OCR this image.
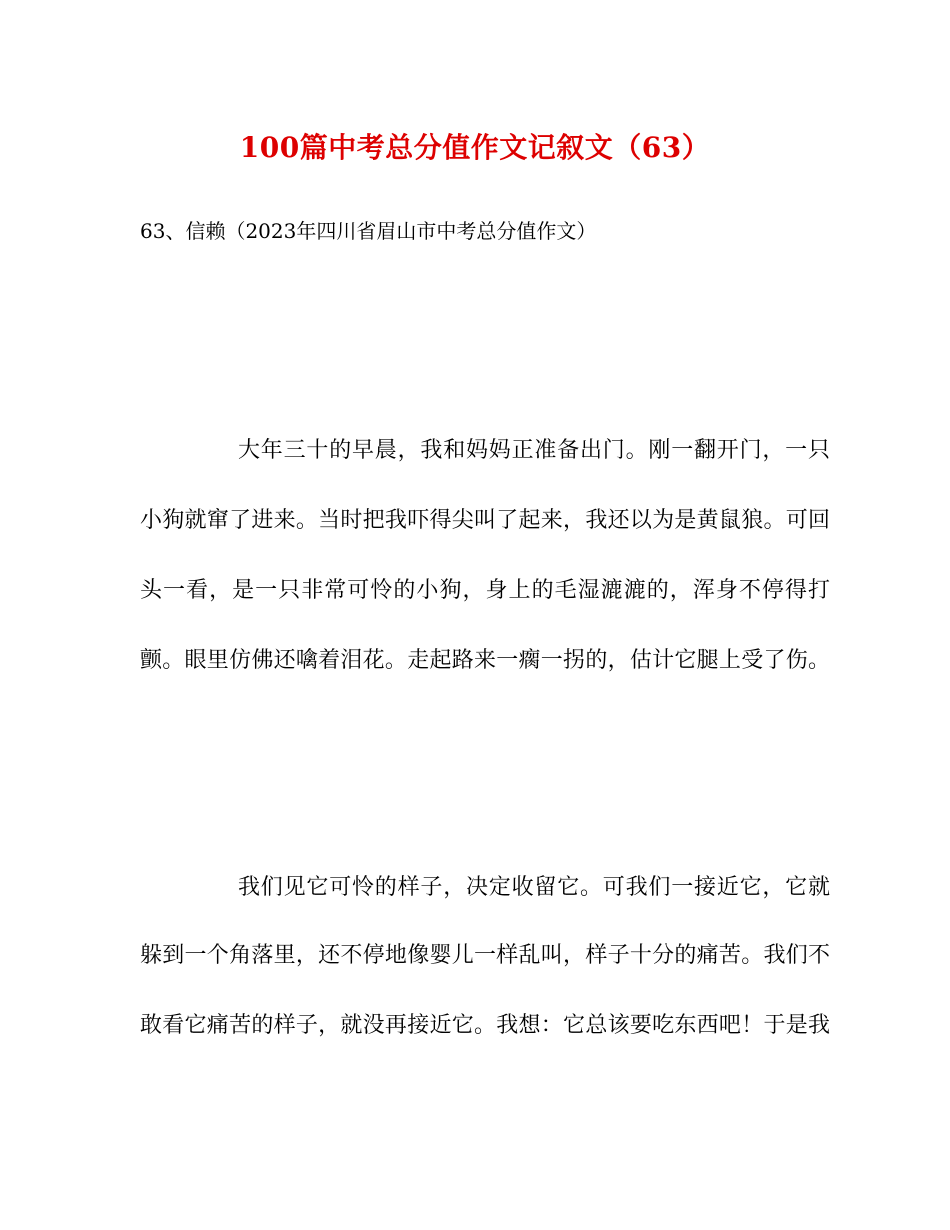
100篇中考总分值作文记叙文（63）
63、信赖（2023年四川省眉山市中考总分值作文）
大年三十的早晨，我和妈妈正准备出门。刚一翻开门，一只
小狗就窜了进来。当时把我吓得尖叫了起来，我还以为是黄鼠狼。可回
头一看，是一只非常可怜的小狗，身上的毛湿漉漉的，浑身不停得打
颤。眼里仿佛还噙着泪花。走起路来一瘸一拐的，估计它腿上受了伤。
我们见它可怜的样子，决定收留它。可我们一接近它，它就
躲到一个角落里，还不停地像婴儿一样乱叫，样子十分的痛苦。我们不
敢看它痛苦的样子，就没再接近它。我想：它总该要吃东西吧！于是我
